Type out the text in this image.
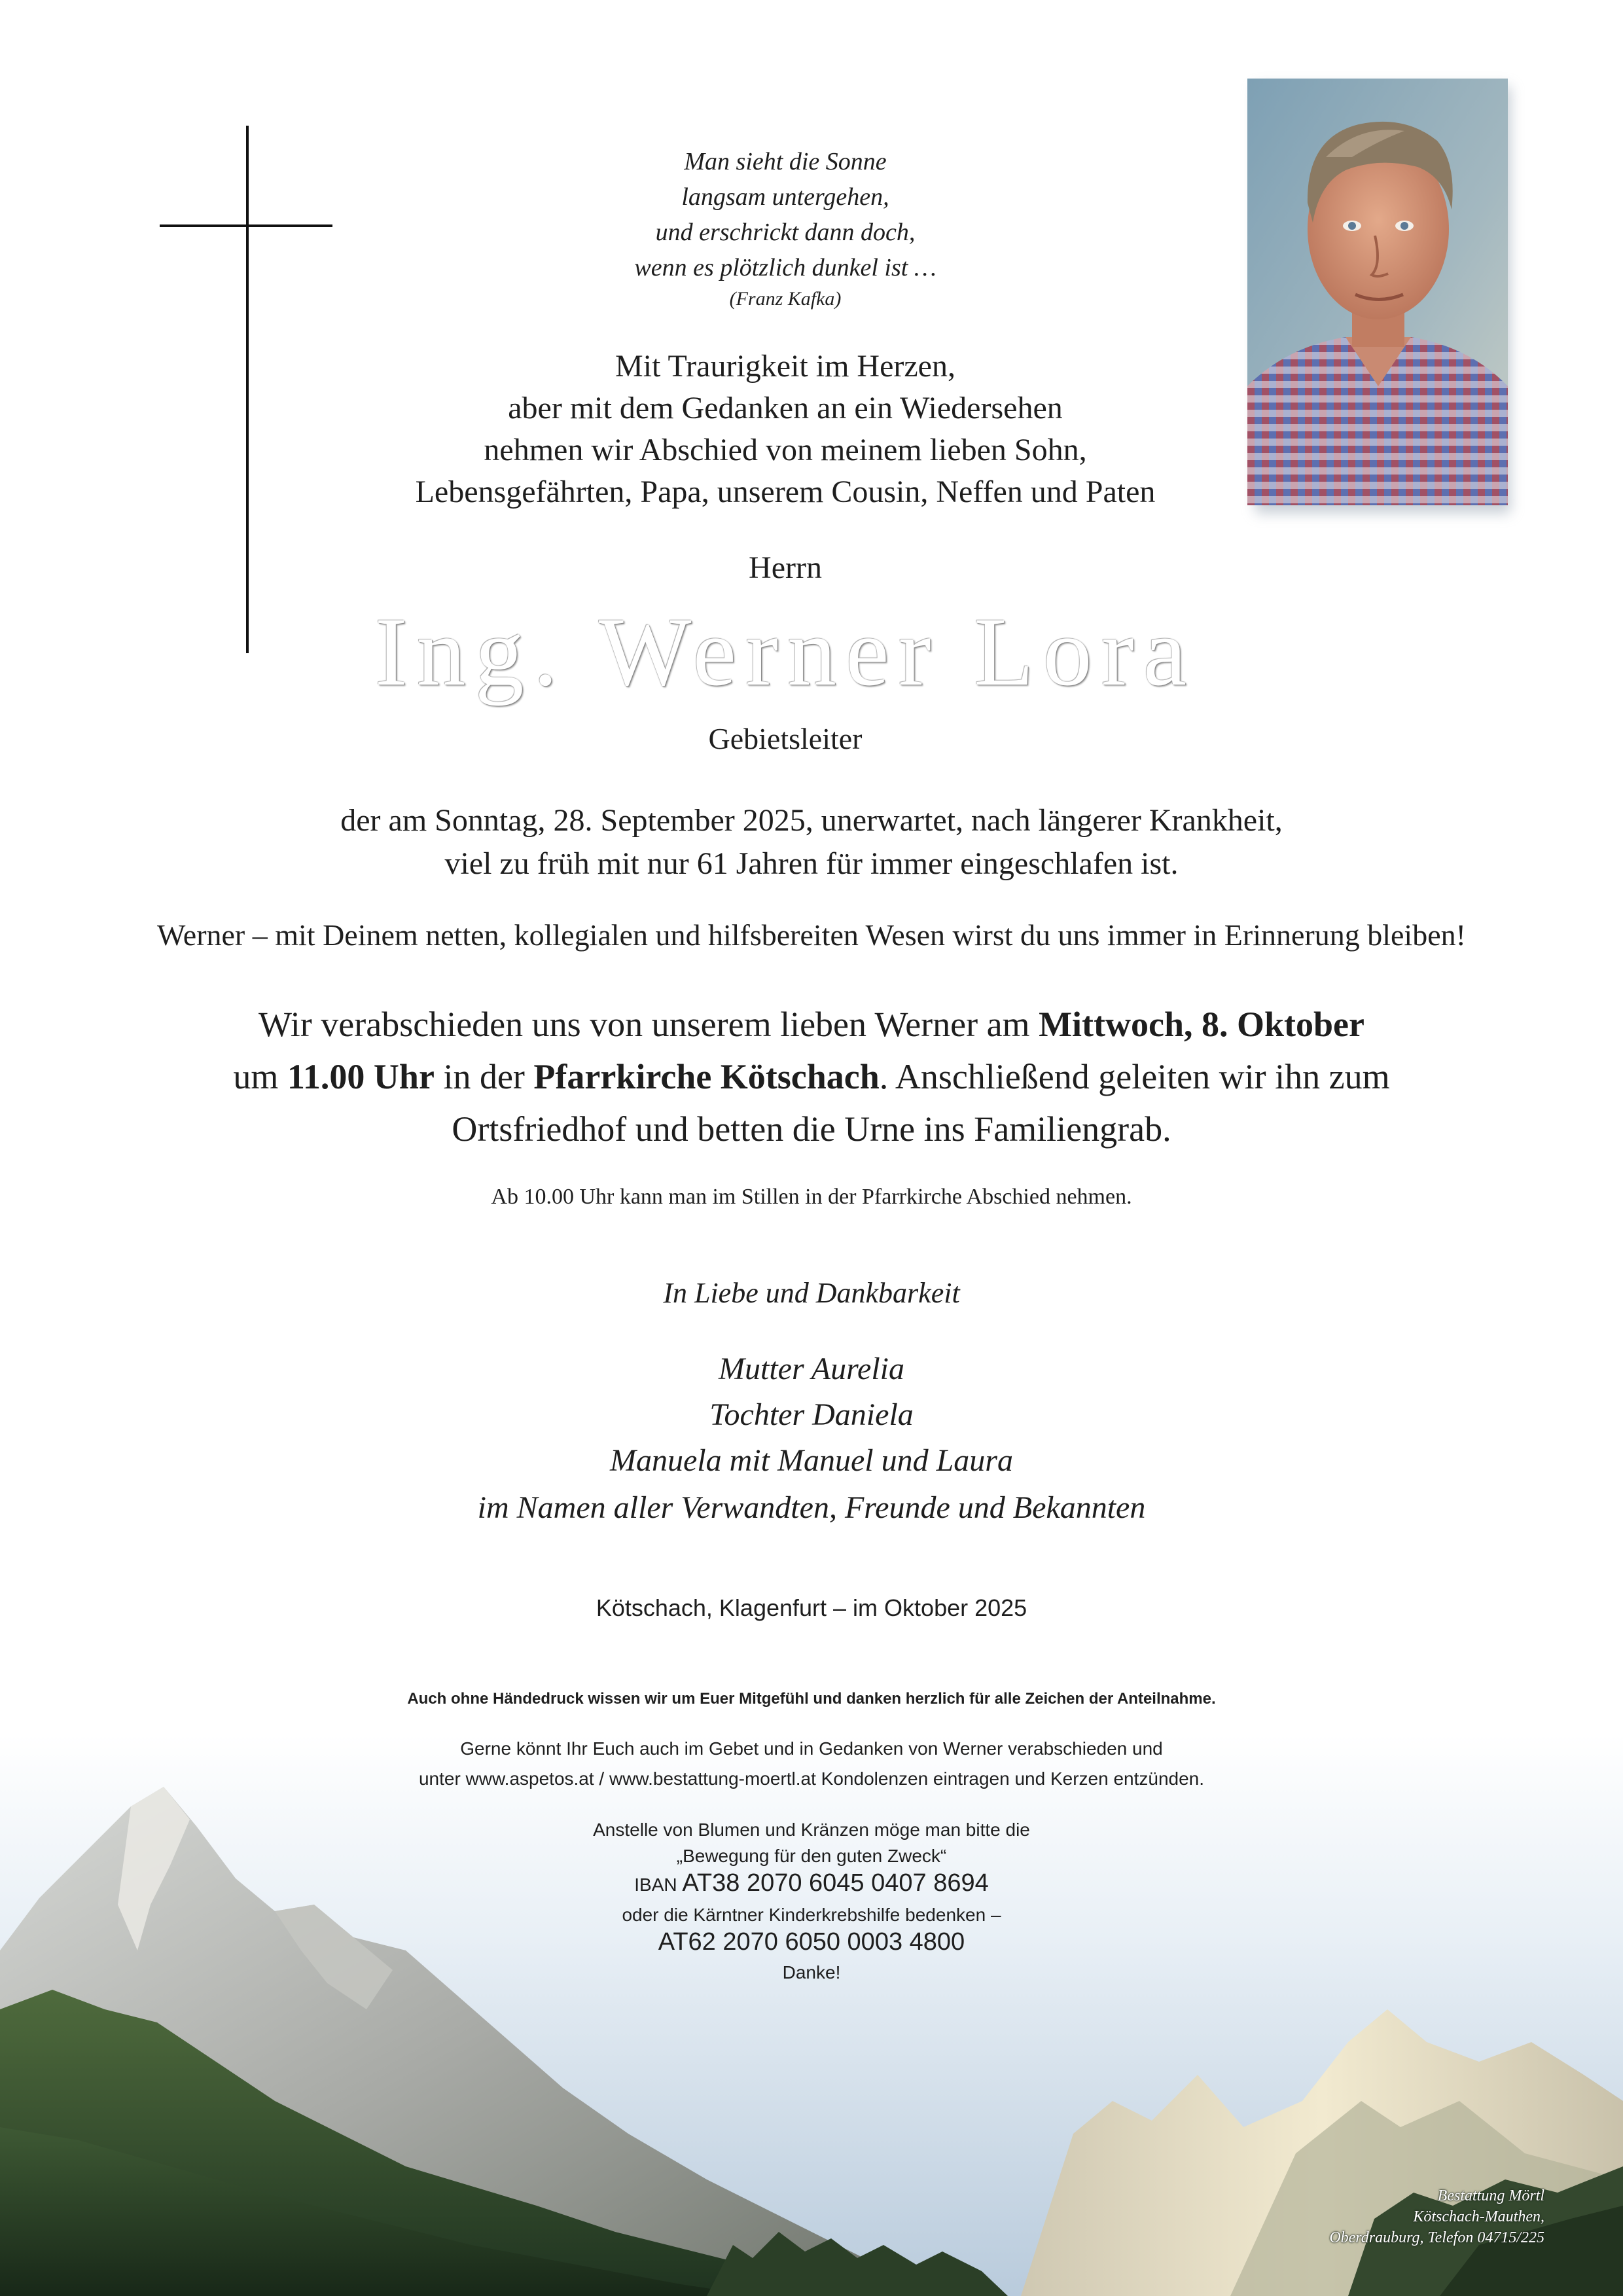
Man sieht die Sonne
langsam untergehen,
und erschrickt dann doch,
wenn es plötzlich dunkel ist …
(Franz Kafka)
Mit Traurigkeit im Herzen,
aber mit dem Gedanken an ein Wiedersehen
nehmen wir Abschied von meinem lieben Sohn,
Lebensgefährten, Papa, unserem Cousin, Neffen und Paten
Herrn
Ing. Werner Lora
Gebietsleiter
der am Sonntag, 28. September 2025, unerwartet, nach längerer Krankheit,
viel zu früh mit nur 61 Jahren für immer eingeschlafen ist.
Werner – mit Deinem netten, kollegialen und hilfsbereiten Wesen wirst du uns immer in Erinnerung bleiben!
Wir verabschieden uns von unserem lieben Werner am Mittwoch, 8. Oktober
um 11.00 Uhr in der Pfarrkirche Kötschach. Anschließend geleiten wir ihn zum
Ortsfriedhof und betten die Urne ins Familiengrab.
Ab 10.00 Uhr kann man im Stillen in der Pfarrkirche Abschied nehmen.
In Liebe und Dankbarkeit
Mutter Aurelia
Tochter Daniela
Manuela mit Manuel und Laura
im Namen aller Verwandten, Freunde und Bekannten
Kötschach, Klagenfurt – im Oktober 2025
Auch ohne Händedruck wissen wir um Euer Mitgefühl und danken herzlich für alle Zeichen der Anteilnahme.
Gerne könnt Ihr Euch auch im Gebet und in Gedanken von Werner verabschieden und
unter www.aspetos.at / www.bestattung-moertl.at Kondolenzen eintragen und Kerzen entzünden.
Anstelle von Blumen und Kränzen möge man bitte die
„Bewegung für den guten Zweck“
IBAN AT38 2070 6045 0407 8694
oder die Kärntner Kinderkrebshilfe bedenken –
AT62 2070 6050 0003 4800
Danke!
Bestattung Mörtl
Kötschach-Mauthen,
Oberdrauburg, Telefon 04715/225
